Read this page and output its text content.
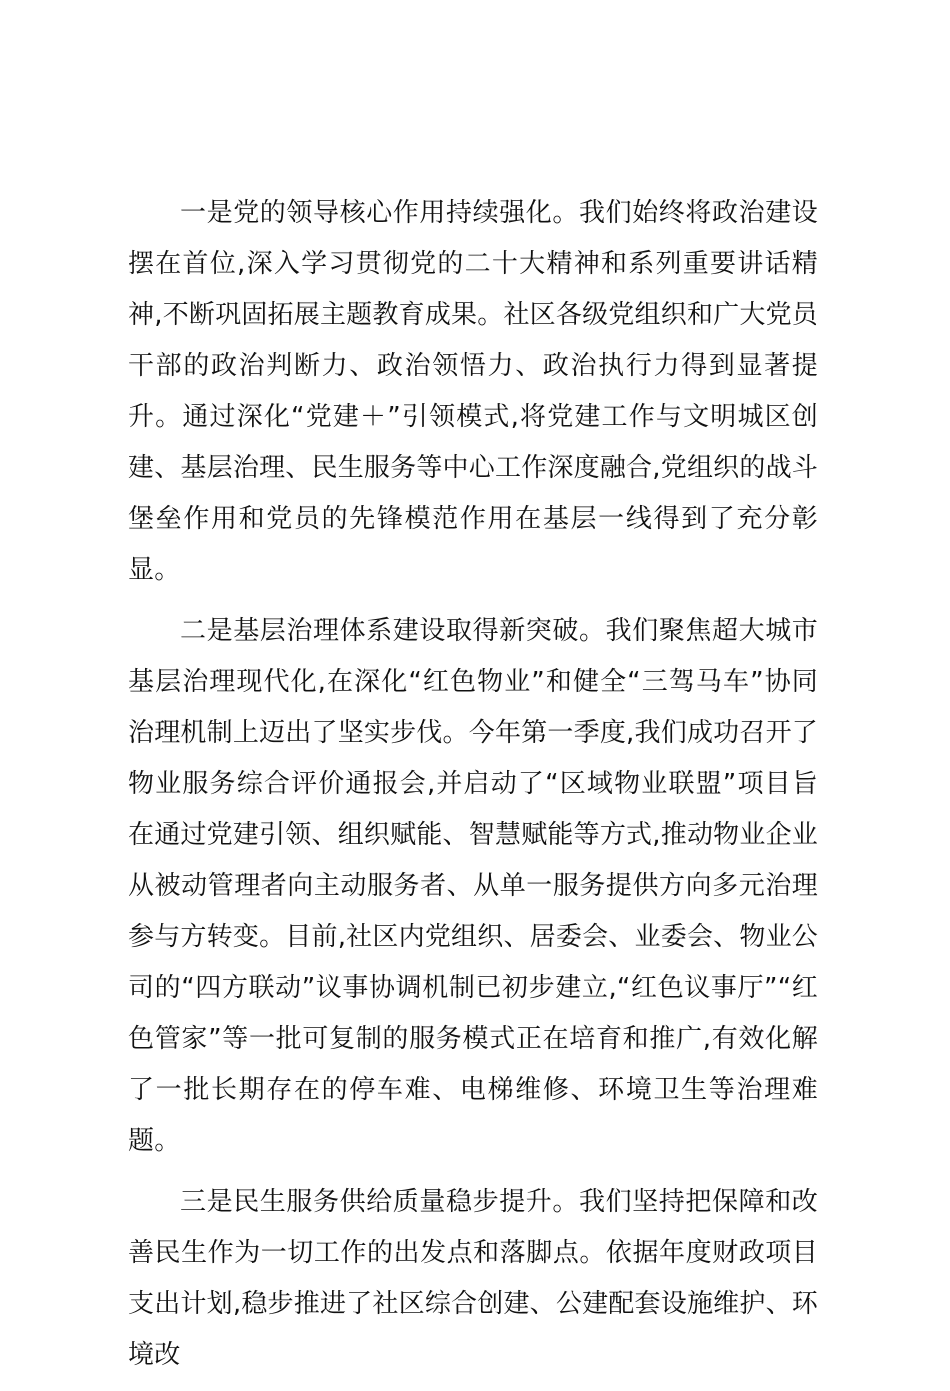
一是党的领导核心作用持续强化。我们始终将政治建设摆在首位,深入学习贯彻党的二十大精神和系列重要讲话精神,不断巩固拓展主题教育成果。社区各级党组织和广大党员干部的政治判断力、政治领悟力、政治执行力得到显著提升。通过深化“党建＋”引领模式,将党建工作与文明城区创建、基层治理、民生服务等中心工作深度融合,党组织的战斗堡垒作用和党员的先锋模范作用在基层一线得到了充分彰显。

二是基层治理体系建设取得新突破。我们聚焦超大城市基层治理现代化,在深化“红色物业”和健全“三驾马车”协同治理机制上迈出了坚实步伐。今年第一季度,我们成功召开了物业服务综合评价通报会,并启动了“区域物业联盟”项目旨在通过党建引领、组织赋能、智慧赋能等方式,推动物业企业从被动管理者向主动服务者、从单一服务提供方向多元治理参与方转变。目前,社区内党组织、居委会、业委会、物业公司的“四方联动”议事协调机制已初步建立,“红色议事厅”“红色管家”等一批可复制的服务模式正在培育和推广,有效化解了一批长期存在的停车难、电梯维修、环境卫生等治理难题。

三是民生服务供给质量稳步提升。我们坚持把保障和改善民生作为一切工作的出发点和落脚点。依据年度财政项目支出计划,稳步推进了社区综合创建、公建配套设施维护、环境改
